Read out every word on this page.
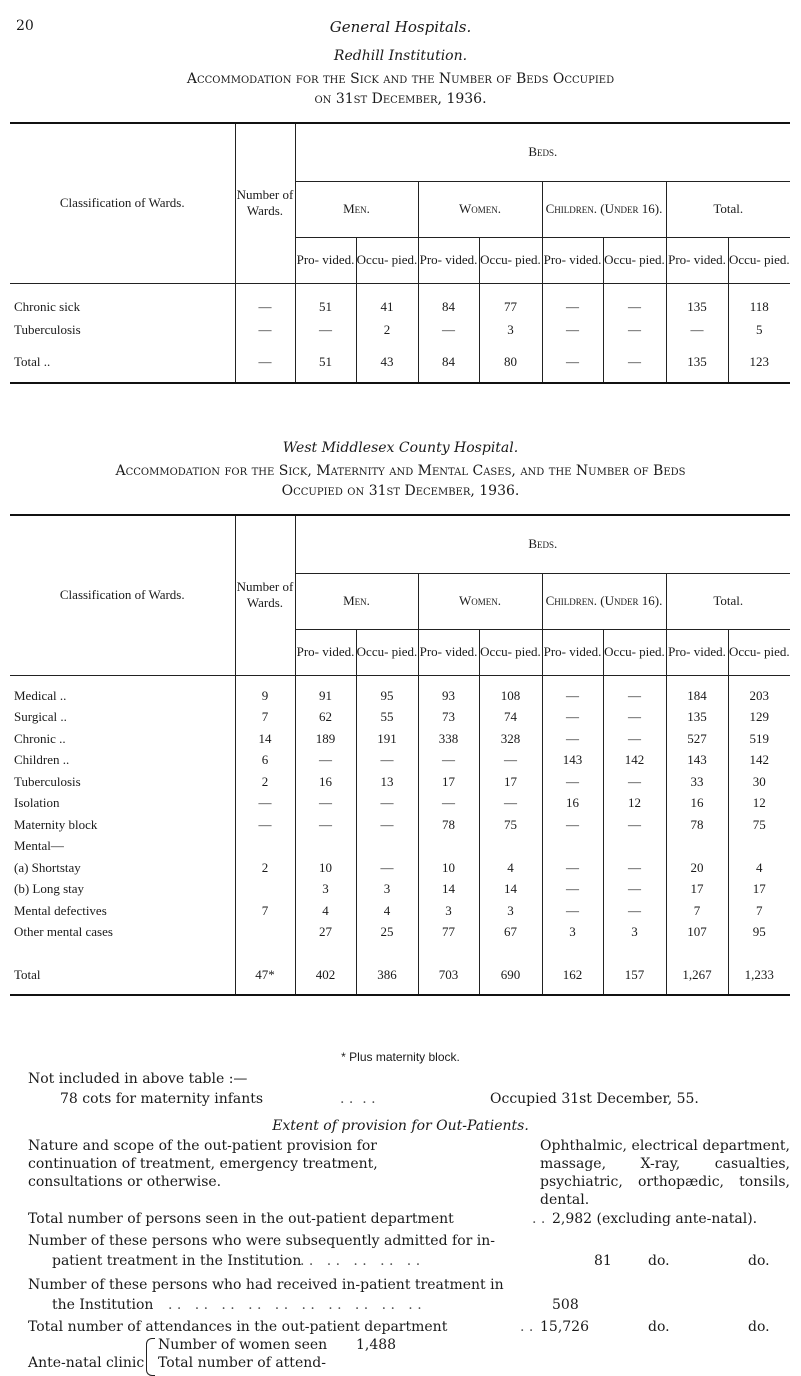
20	General Hospitals.
Redhill Institution.
Accommodation for the Sick and the Number of Beds Occupied
on 31st December, 1936.
Classification of Wards.	Number of Wards.	Beds.							
		Men.		Women.		Children. (Under 16).		Total.	
		Pro- vided.	Occu- pied.	Pro- vided.	Occu- pied.	Pro- vided.	Occu- pied.	Pro- vided.	Occu- pied.

Chronic sick	—	51	41	84	77	—	—	135	118
Tuberculosis	—	—	2	—	3	—	—	—	5
Total ..	—	51	43	84	80	—	—	135	123
West Middlesex County Hospital.
Accommodation for the Sick, Maternity and Mental Cases, and the Number of Beds
Occupied on 31st December, 1936.
Classification of Wards.	Number of Wards.	Beds.							
		Men.		Women.		Children. (Under 16).		Total.	
		Pro- vided.	Occu- pied.	Pro- vided.	Occu- pied.	Pro- vided.	Occu- pied.	Pro- vided.	Occu- pied.

Medical ..	9	91	95	93	108	—	—	184	203
Surgical ..	7	62	55	73	74	—	—	135	129
Chronic ..	14	189	191	338	328	—	—	527	519
Children ..	6	—	—	—	—	143	142	143	142
Tuberculosis	2	16	13	17	17	—	—	33	30
Isolation	—	—	—	—	—	16	12	16	12
Maternity block	—	—	—	78	75	—	—	78	75
Mental—									
(a) Shortstay	2	10	—	10	4	—	—	20	4
(b) Long stay		3	3	14	14	—	—	17	17
Mental defectives	7	4	4	3	3	—	—	7	7
Other mental cases		27	25	77	67	3	3	107	95

Total	47*	402	386	703	690	162	157	1,267	1,233
* Plus maternity block.
Not included in above table :—
78 cots for maternity infants	. .  . .	Occupied 31st December, 55.
Extent of provision for Out-Patients.
Nature and scope of the out-patient provision for continuation of treatment, emergency treatment, consultations or otherwise.
Ophthalmic, electrical department, massage, X-ray, casualties, psychiatric, orthopædic, tonsils, dental.
Total number of persons seen in the out-patient department	. . 2,982 (excluding ante-natal).
Number of these persons who were subsequently admitted for in-
patient treatment in the Institution
. .   . .   . .   . .   . .	81	do.	do.
Number of these persons who had received in-patient treatment in
the Institution . .   . .   . .   . .   . .   . .   . .   . .   . .   . .	508
Total number of attendances in the out-patient department	. . 15,726	do.	do.
Ante-natal clinic
Number of women seen 1,488
Total number of attend-
